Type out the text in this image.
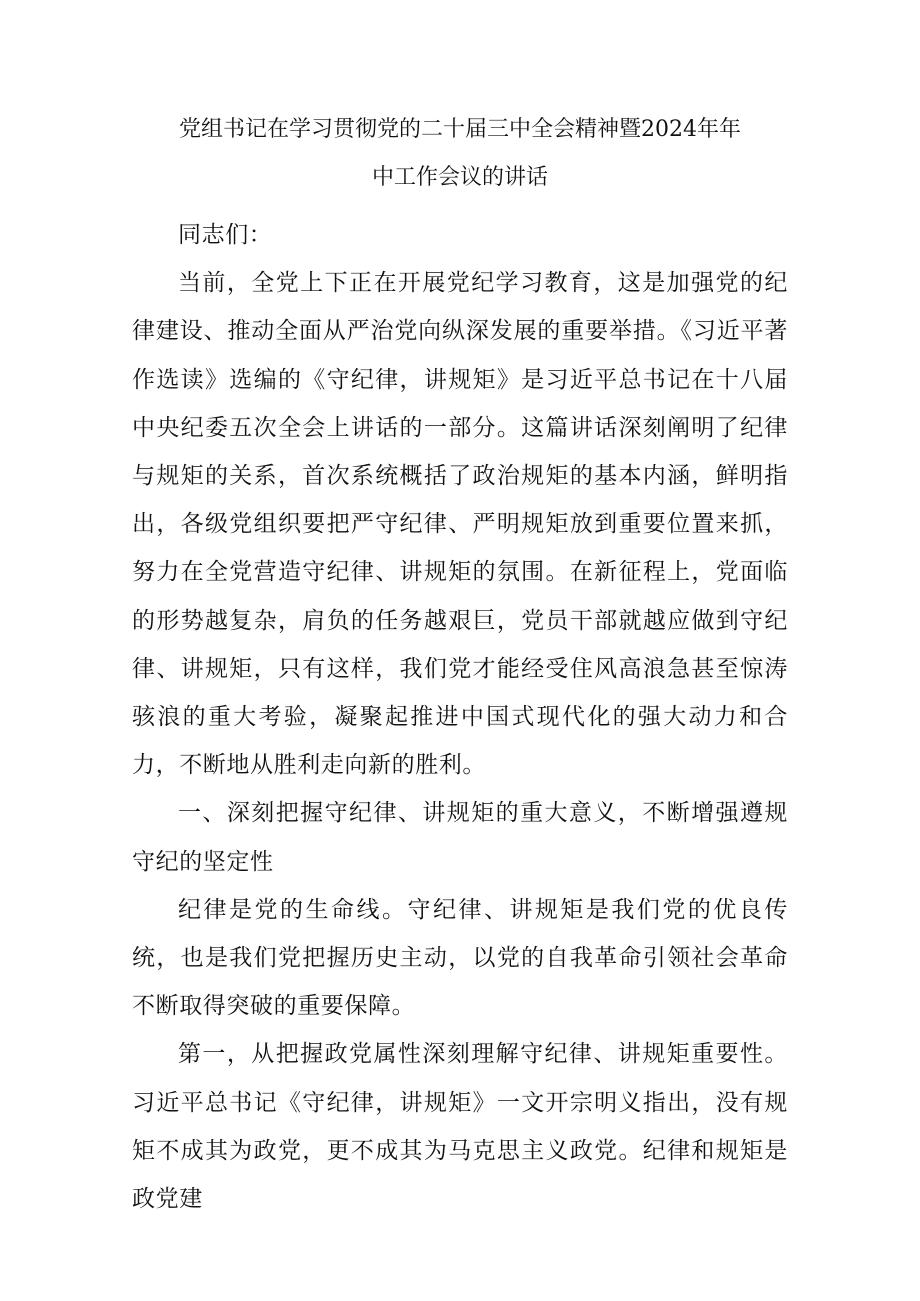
党组书记在学习贯彻党的二十届三中全会精神暨2024年年
中工作会议的讲话

同志们：

当前，全党上下正在开展党纪学习教育，这是加强党的纪律建设、推动全面从严治党向纵深发展的重要举措。《习近平著作选读》选编的《守纪律，讲规矩》是习近平总书记在十八届中央纪委五次全会上讲话的一部分。这篇讲话深刻阐明了纪律与规矩的关系，首次系统概括了政治规矩的基本内涵，鲜明指出，各级党组织要把严守纪律、严明规矩放到重要位置来抓，努力在全党营造守纪律、讲规矩的氛围。在新征程上，党面临的形势越复杂，肩负的任务越艰巨，党员干部就越应做到守纪律、讲规矩，只有这样，我们党才能经受住风高浪急甚至惊涛骇浪的重大考验，凝聚起推进中国式现代化的强大动力和合力，不断地从胜利走向新的胜利。

一、深刻把握守纪律、讲规矩的重大意义，不断增强遵规守纪的坚定性

纪律是党的生命线。守纪律、讲规矩是我们党的优良传统，也是我们党把握历史主动，以党的自我革命引领社会革命不断取得突破的重要保障。

第一，从把握政党属性深刻理解守纪律、讲规矩重要性。习近平总书记《守纪律，讲规矩》一文开宗明义指出，没有规矩不成其为政党，更不成其为马克思主义政党。纪律和规矩是政党建
